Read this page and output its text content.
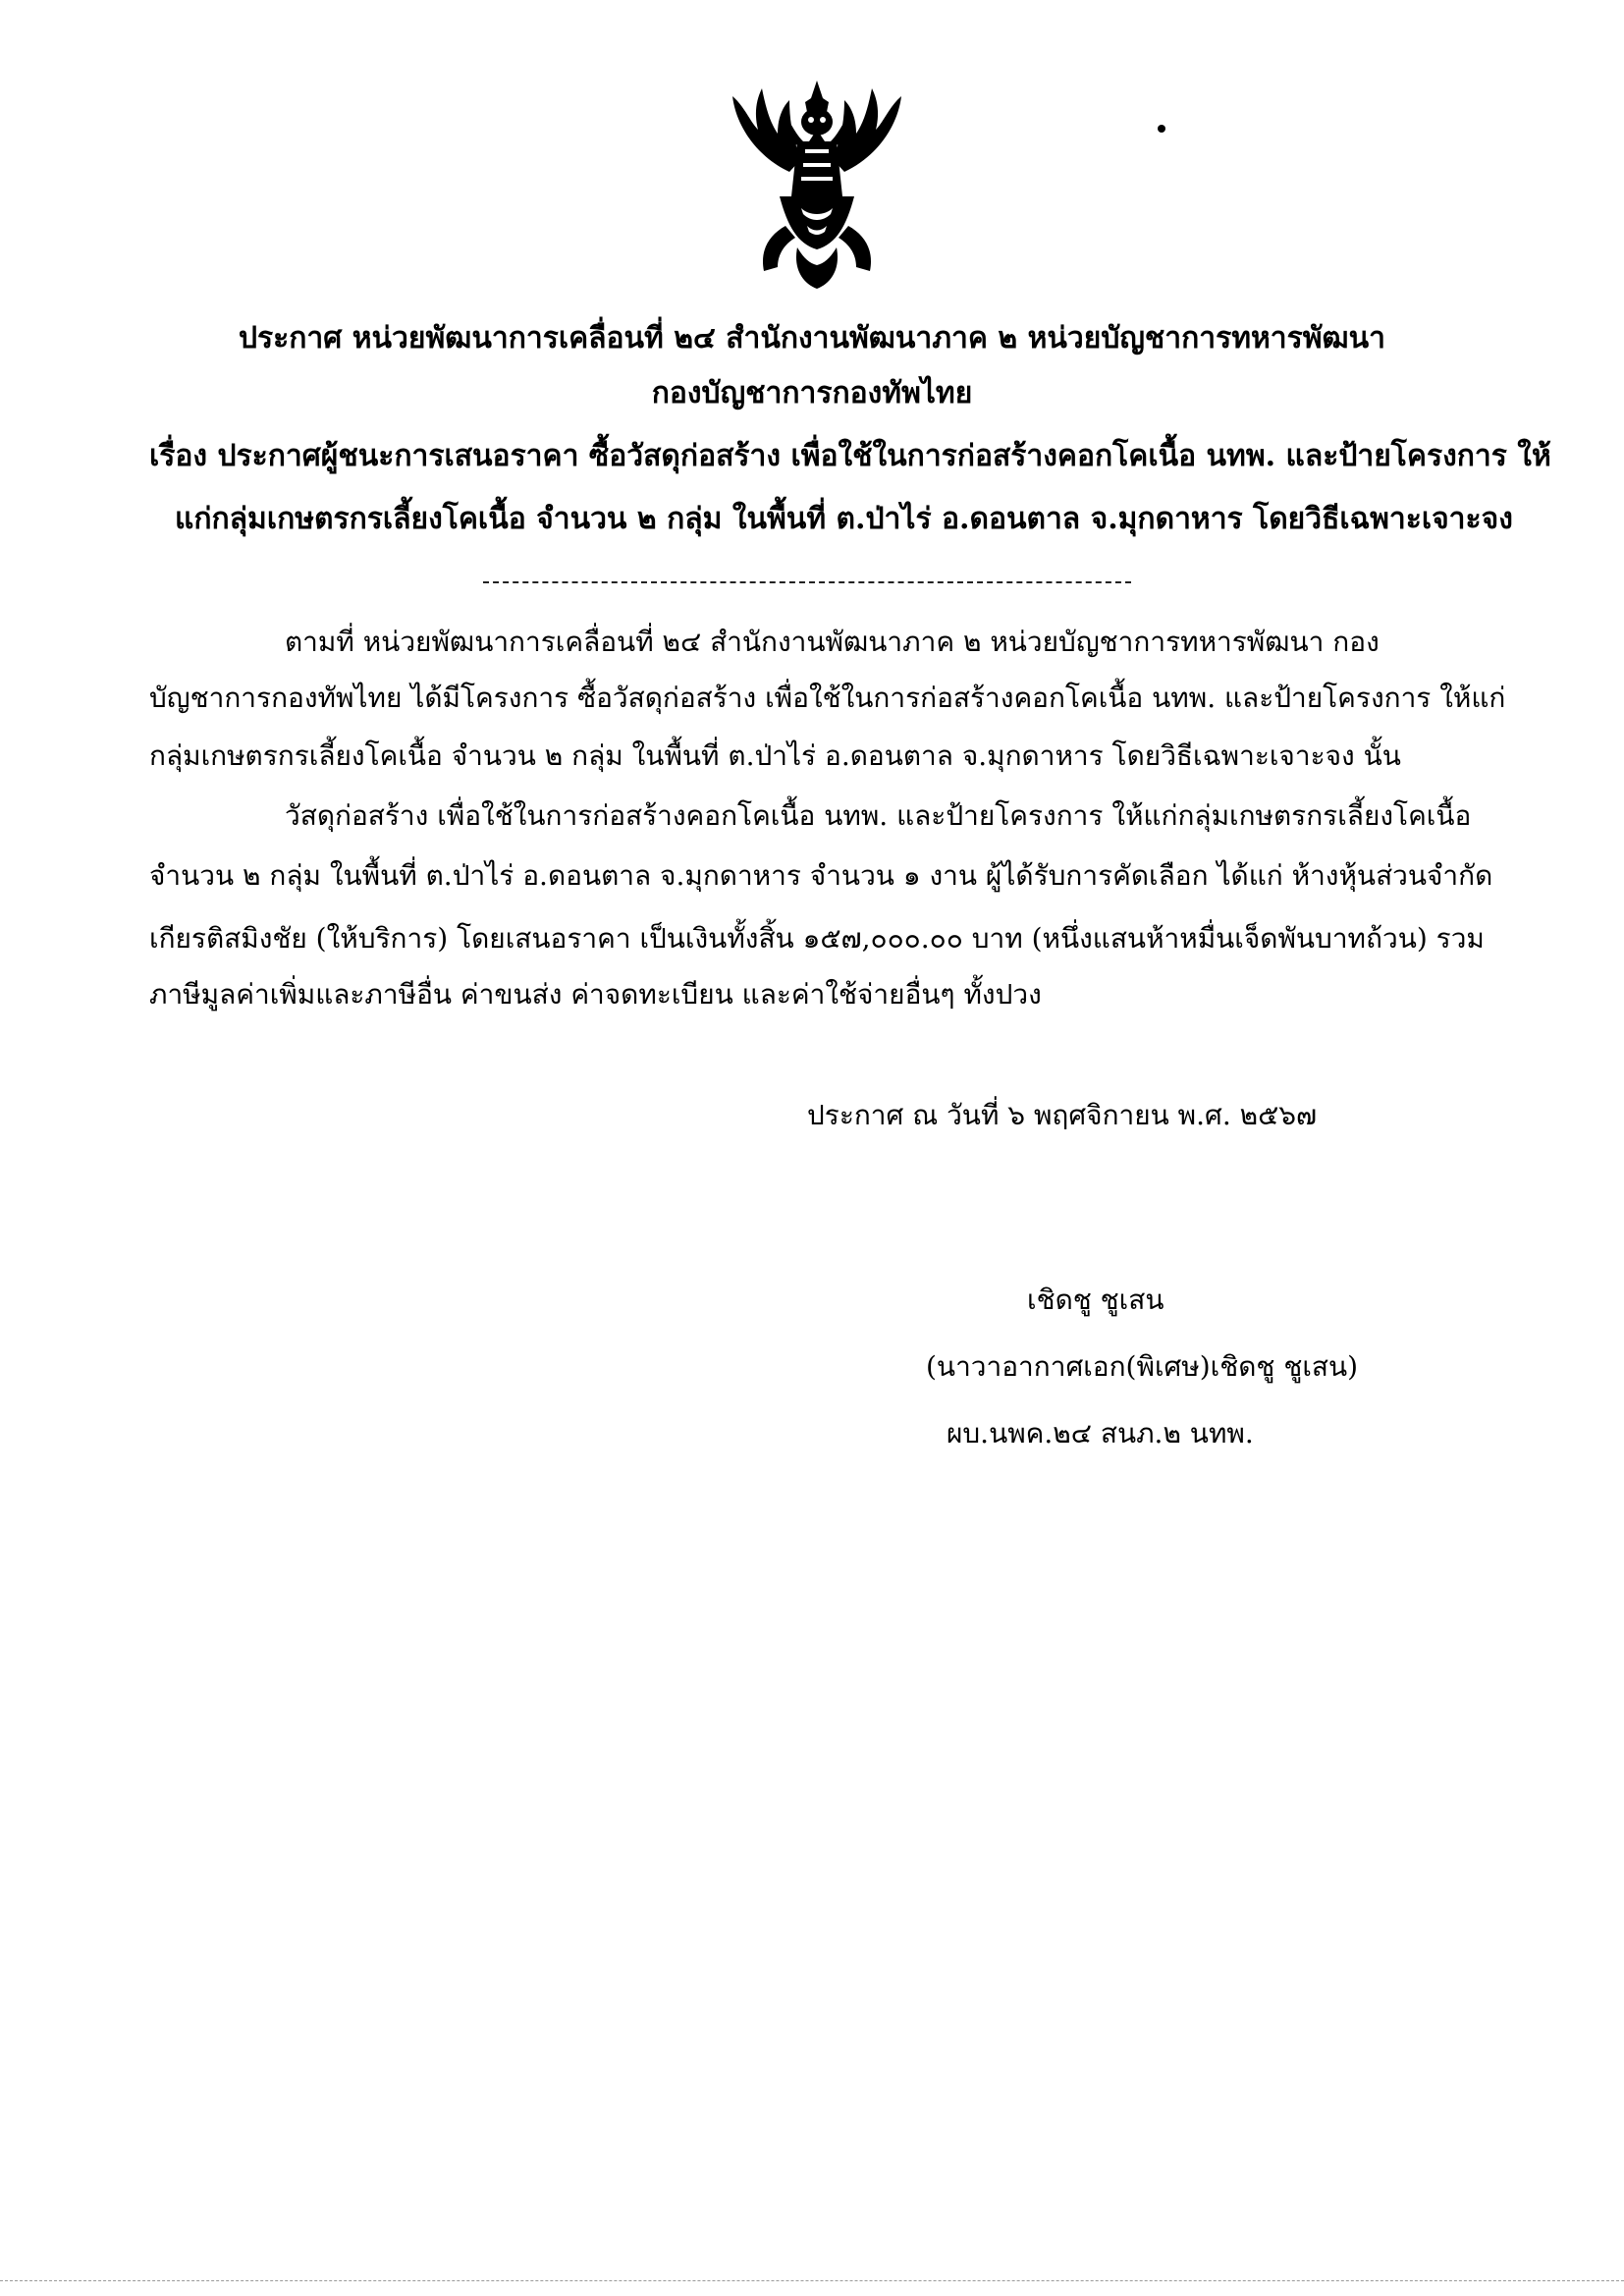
ประกาศ หน่วยพัฒนาการเคลื่อนที่ ๒๔ สำนักงานพัฒนาภาค ๒ หน่วยบัญชาการทหารพัฒนา
กองบัญชาการกองทัพไทย
เรื่อง ประกาศผู้ชนะการเสนอราคา ซื้อวัสดุก่อสร้าง เพื่อใช้ในการก่อสร้างคอกโคเนื้อ นทพ. และป้ายโครงการ ให้
แก่กลุ่มเกษตรกรเลี้ยงโคเนื้อ จำนวน ๒ กลุ่ม ในพื้นที่ ต.ป่าไร่ อ.ดอนตาล จ.มุกดาหาร โดยวิธีเฉพาะเจาะจง
ตามที่ หน่วยพัฒนาการเคลื่อนที่ ๒๔ สำนักงานพัฒนาภาค ๒ หน่วยบัญชาการทหารพัฒนา กอง
บัญชาการกองทัพไทย ได้มีโครงการ ซื้อวัสดุก่อสร้าง เพื่อใช้ในการก่อสร้างคอกโคเนื้อ นทพ. และป้ายโครงการ ให้แก่
กลุ่มเกษตรกรเลี้ยงโคเนื้อ จำนวน ๒ กลุ่ม ในพื้นที่ ต.ป่าไร่ อ.ดอนตาล จ.มุกดาหาร โดยวิธีเฉพาะเจาะจง นั้น
วัสดุก่อสร้าง เพื่อใช้ในการก่อสร้างคอกโคเนื้อ นทพ. และป้ายโครงการ ให้แก่กลุ่มเกษตรกรเลี้ยงโคเนื้อ
จำนวน ๒ กลุ่ม ในพื้นที่ ต.ป่าไร่ อ.ดอนตาล จ.มุกดาหาร จำนวน ๑ งาน ผู้ได้รับการคัดเลือก ได้แก่ ห้างหุ้นส่วนจำกัด
เกียรติสมิงชัย (ให้บริการ) โดยเสนอราคา เป็นเงินทั้งสิ้น ๑๕๗,๐๐๐.๐๐ บาท (หนึ่งแสนห้าหมื่นเจ็ดพันบาทถ้วน) รวม
ภาษีมูลค่าเพิ่มและภาษีอื่น ค่าขนส่ง ค่าจดทะเบียน และค่าใช้จ่ายอื่นๆ ทั้งปวง
ประกาศ ณ วันที่ ๖ พฤศจิกายน พ.ศ. ๒๕๖๗
เชิดชู ชูเสน
(นาวาอากาศเอก(พิเศษ)เชิดชู ชูเสน)
ผบ.นพค.๒๔ สนภ.๒ นทพ.
